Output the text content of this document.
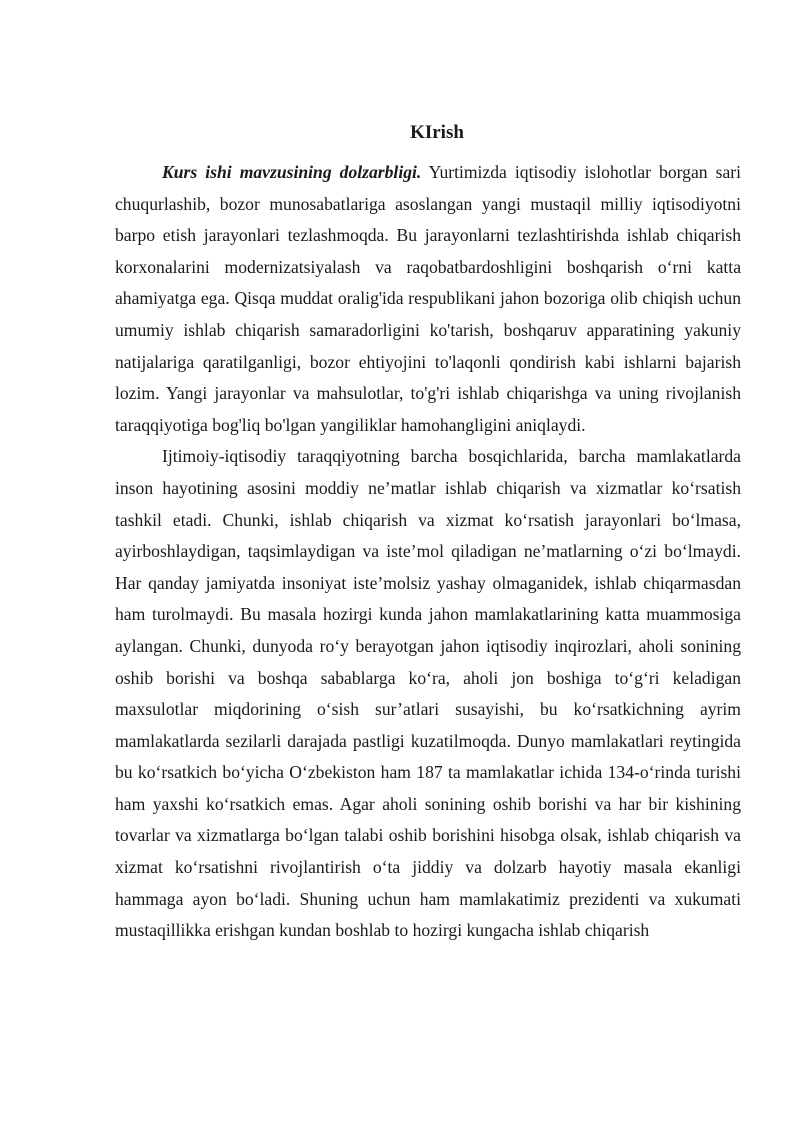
KIrish

Kurs ishi mavzusining dolzarbligi. Yurtimizda iqtisodiy islohotlar borgan sari chuqurlashib, bozor munosabatlariga asoslangan yangi mustaqil milliy iqtisodiyotni barpo etish jarayonlari tezlashmoqda. Bu jarayonlarni tezlashtirishda ishlab chiqarish korxonalarini modernizatsiyalash va raqobatbardoshligini boshqarish o‘rni katta ahamiyatga ega. Qisqa muddat oralig'ida respublikani jahon bozoriga olib chiqish uchun umumiy ishlab chiqarish samaradorligini ko'tarish, boshqaruv apparatining yakuniy natijalariga qaratilganligi, bozor ehtiyojini to'laqonli qondirish kabi ishlarni bajarish lozim. Yangi jarayonlar va mahsulotlar, to'g'ri ishlab chiqarishga va uning rivojlanish taraqqiyotiga bog'liq bo'lgan yangiliklar hamohangligini aniqlaydi.

Ijtimoiy-iqtisodiy taraqqiyotning barcha bosqichlarida, barcha mamlakatlarda inson hayotining asosini moddiy ne’matlar ishlab chiqarish va xizmatlar ko‘rsatish tashkil etadi. Chunki, ishlab chiqarish va xizmat ko‘rsatish jarayonlari bo‘lmasa, ayirboshlaydigan, taqsimlaydigan va iste’mol qiladigan ne’matlarning o‘zi bo‘lmaydi. Har qanday jamiyatda insoniyat iste’molsiz yashay olmaganidek, ishlab chiqarmasdan ham turolmaydi. Bu masala hozirgi kunda jahon mamlakatlarining katta muammosiga aylangan. Chunki, dunyoda ro‘y berayotgan jahon iqtisodiy inqirozlari, aholi sonining oshib borishi va boshqa sabablarga ko‘ra, aholi jon boshiga to‘g‘ri keladigan maxsulotlar miqdorining o‘sish sur’atlari susayishi, bu ko‘rsatkichning ayrim mamlakatlarda sezilarli darajada pastligi kuzatilmoqda. Dunyo mamlakatlari reytingida bu ko‘rsatkich bo‘yicha O‘zbekiston ham 187 ta mamlakatlar ichida 134-o‘rinda turishi ham yaxshi ko‘rsatkich emas. Agar aholi sonining oshib borishi va har bir kishining tovarlar va xizmatlarga bo‘lgan talabi oshib borishini hisobga olsak, ishlab chiqarish va xizmat ko‘rsatishni rivojlantirish o‘ta jiddiy va dolzarb hayotiy masala ekanligi hammaga ayon bo‘ladi. Shuning uchun ham mamlakatimiz prezidenti va xukumati mustaqillikka erishgan kundan boshlab to hozirgi kungacha ishlab chiqarish
